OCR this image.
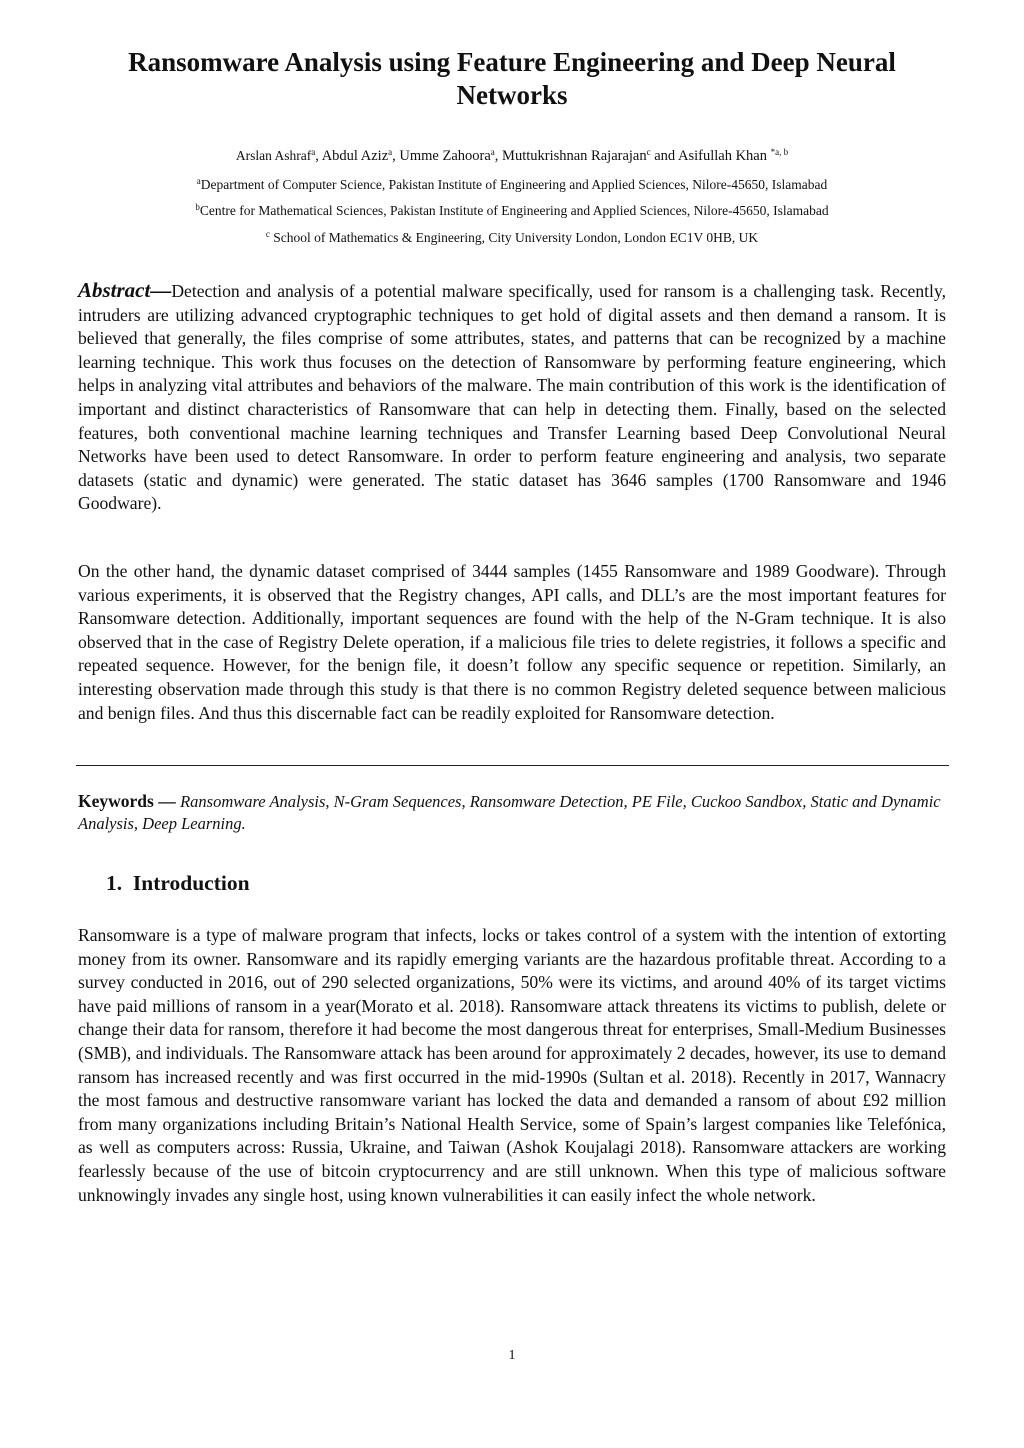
Ransomware Analysis using Feature Engineering and Deep Neural Networks
Arslan Ashraf$^a$, Abdul Aziz$^a$, Umme Zahoora$^a$, Muttukrishnan Rajarajan$^c$ and Asifullah Khan $^{*a, b}$
$^a$Department of Computer Science, Pakistan Institute of Engineering and Applied Sciences, Nilore-45650, Islamabad
$^b$Centre for Mathematical Sciences, Pakistan Institute of Engineering and Applied Sciences, Nilore-45650, Islamabad
$^c$ School of Mathematics & Engineering, City University London, London EC1V 0HB, UK

Abstract—Detection and analysis of a potential malware specifically, used for ransom is a challenging task. Recently, intruders are utilizing advanced cryptographic techniques to get hold of digital assets and then demand a ransom. It is believed that generally, the files comprise of some attributes, states, and patterns that can be recognized by a machine learning technique. This work thus focuses on the detection of Ransomware by performing feature engineering, which helps in analyzing vital attributes and behaviors of the malware. The main contribution of this work is the identification of important and distinct characteristics of Ransomware that can help in detecting them. Finally, based on the selected features, both conventional machine learning techniques and Transfer Learning based Deep Convolutional Neural Networks have been used to detect Ransomware. In order to perform feature engineering and analysis, two separate datasets (static and dynamic) were generated. The static dataset has 3646 samples (1700 Ransomware and 1946 Goodware).

On the other hand, the dynamic dataset comprised of 3444 samples (1455 Ransomware and 1989 Goodware). Through various experiments, it is observed that the Registry changes, API calls, and DLL’s are the most important features for Ransomware detection. Additionally, important sequences are found with the help of the N-Gram technique. It is also observed that in the case of Registry Delete operation, if a malicious file tries to delete registries, it follows a specific and repeated sequence. However, for the benign file, it doesn’t follow any specific sequence or repetition. Similarly, an interesting observation made through this study is that there is no common Registry deleted sequence between malicious and benign files. And thus this discernable fact can be readily exploited for Ransomware detection.

Keywords — Ransomware Analysis, N-Gram Sequences, Ransomware Detection, PE File, Cuckoo Sandbox, Static and Dynamic Analysis, Deep Learning.

1.  Introduction

Ransomware is a type of malware program that infects, locks or takes control of a system with the intention of extorting money from its owner. Ransomware and its rapidly emerging variants are the hazardous profitable threat. According to a survey conducted in 2016, out of 290 selected organizations, 50% were its victims, and around 40% of its target victims have paid millions of ransom in a year(Morato et al. 2018). Ransomware attack threatens its victims to publish, delete or change their data for ransom, therefore it had become the most dangerous threat for enterprises, Small-Medium Businesses (SMB), and individuals. The Ransomware attack has been around for approximately 2 decades, however, its use to demand ransom has increased recently and was first occurred in the mid-1990s (Sultan et al. 2018). Recently in 2017, Wannacry the most famous and destructive ransomware variant has locked the data and demanded a ransom of about £92 million from many organizations including Britain’s National Health Service, some of Spain’s largest companies like Telefónica, as well as computers across: Russia, Ukraine, and Taiwan (Ashok Koujalagi 2018). Ransomware attackers are working fearlessly because of the use of bitcoin cryptocurrency and are still unknown. When this type of malicious software unknowingly invades any single host, using known vulnerabilities it can easily infect the whole network.

1
